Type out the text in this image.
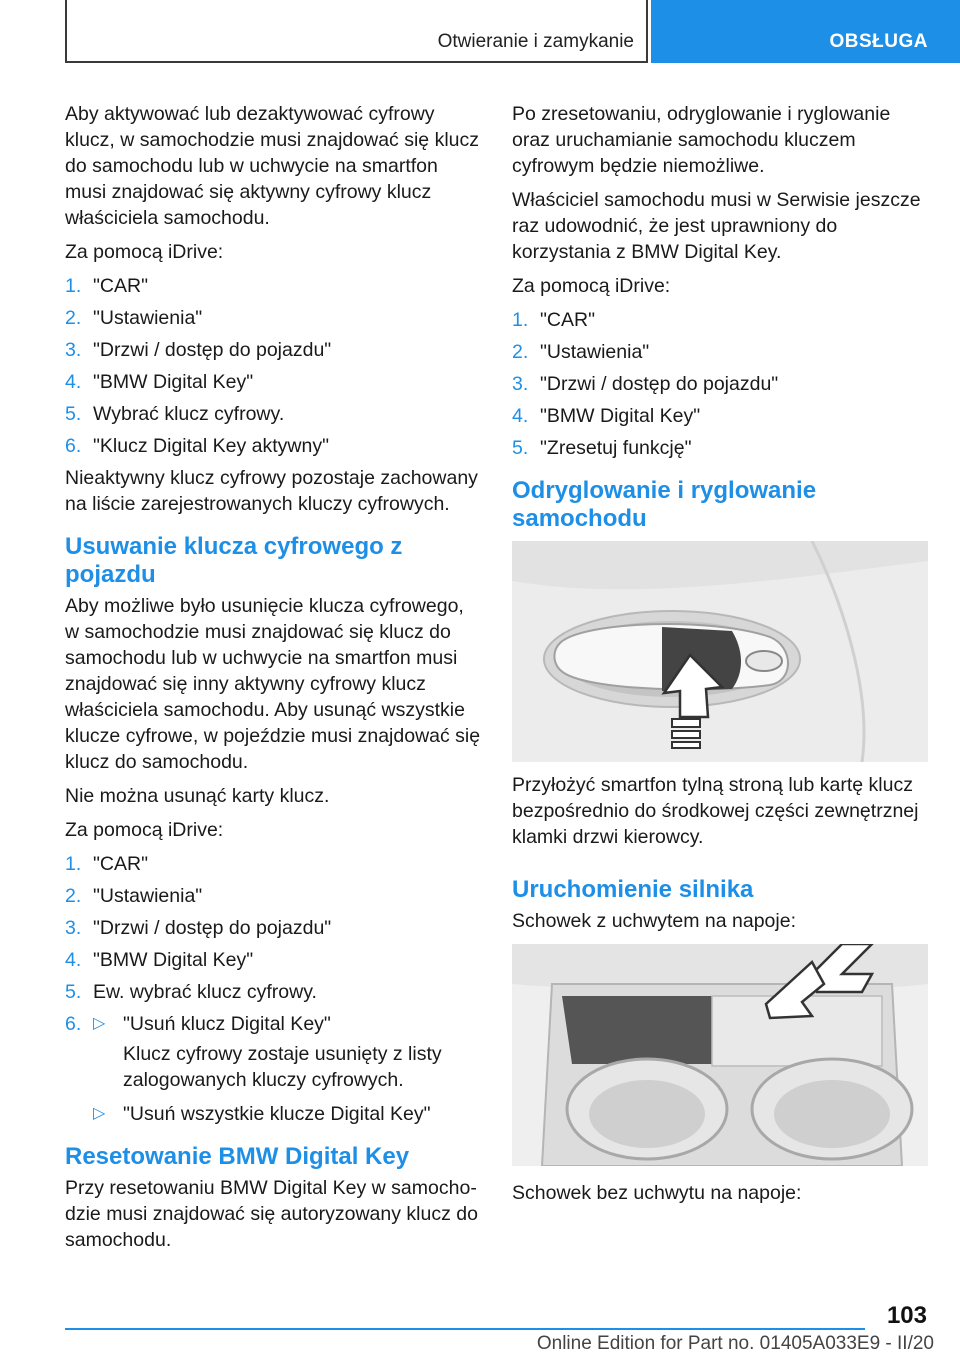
Otwieranie i zamykanie	OBSŁUGA

Aby aktywować lub dezaktywować cyfrowy klucz, w samochodzie musi znajdować się klucz do samochodu lub w uchwycie na smartfon musi znajdować się aktywny cyfrowy klucz właściciela samochodu.

Za pomocą iDrive:

1. "CAR"
2. "Ustawienia"
3. "Drzwi / dostęp do pojazdu"
4. "BMW Digital Key"
5. Wybrać klucz cyfrowy.
6. "Klucz Digital Key aktywny"

Nieaktywny klucz cyfrowy pozostaje zachowany na liście zarejestrowanych kluczy cyfrowych.

Usuwanie klucza cyfrowego z pojazdu

Aby możliwe było usunięcie klucza cyfrowego, w samochodzie musi znajdować się klucz do samochodu lub w uchwycie na smartfon musi znajdować się inny aktywny cyfrowy klucz właściciela samochodu. Aby usunąć wszystkie klucze cyfrowe, w pojeździe musi znajdować się klucz do samochodu.

Nie można usunąć karty klucz.

Za pomocą iDrive:

1. "CAR"
2. "Ustawienia"
3. "Drzwi / dostęp do pojazdu"
4. "BMW Digital Key"
5. Ew. wybrać klucz cyfrowy.
6. ▷ "Usuń klucz Digital Key"
Klucz cyfrowy zostaje usunięty z listy zalogowanych kluczy cyfrowych.
▷ "Usuń wszystkie klucze Digital Key"
Resetowanie BMW Digital Key

Przy resetowaniu BMW Digital Key w samochodzie musi znajdować się autoryzowany klucz do samochodu.

Po zresetowaniu, odryglowanie i ryglowanie oraz uruchamianie samochodu kluczem cyfrowym będzie niemożliwe.

Właściciel samochodu musi w Serwisie jeszcze raz udowodnić, że jest uprawniony do korzystania z BMW Digital Key.

Za pomocą iDrive:

1. "CAR"
2. "Ustawienia"
3. "Drzwi / dostęp do pojazdu"
4. "BMW Digital Key"
5. "Zresetuj funkcję"
Odryglowanie i ryglowanie samochodu

Przyłożyć smartfon tylną stroną lub kartę klucz bezpośrednio do środkowej części zewnętrznej klamki drzwi kierowcy.

Uruchomienie silnika

Schowek z uchwytem na napoje:

Schowek bez uchwytu na napoje:

103
Online Edition for Part no. 01405A033E9 - II/20
